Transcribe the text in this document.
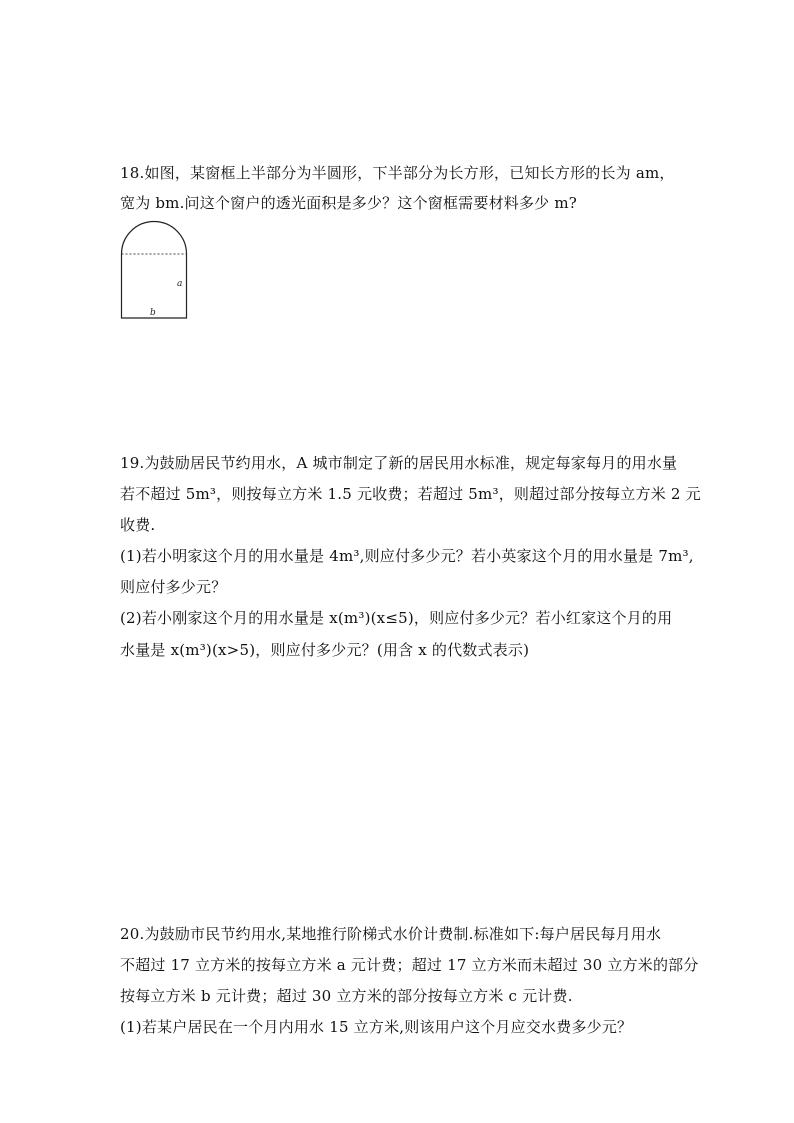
18.如图，某窗框上半部分为半圆形，下半部分为长方形，已知长方形的长为 am，
宽为 bm.问这个窗户的透光面积是多少？这个窗框需要材料多少 m?
a
b
19.为鼓励居民节约用水，A 城市制定了新的居民用水标准，规定每家每月的用水量
若不超过 5m³，则按每立方米 1.5 元收费；若超过 5m³，则超过部分按每立方米 2 元
收费.
(1)若小明家这个月的用水量是 4m³,则应付多少元？若小英家这个月的用水量是 7m³,
则应付多少元？
(2)若小刚家这个月的用水量是 x(m³)(x≤5)，则应付多少元？若小红家这个月的用
水量是 x(m³)(x>5)，则应付多少元？(用含 x 的代数式表示)
20.为鼓励市民节约用水,某地推行阶梯式水价计费制.标准如下:每户居民每月用水
不超过 17 立方米的按每立方米 a 元计费；超过 17 立方米而未超过 30 立方米的部分
按每立方米 b 元计费；超过 30 立方米的部分按每立方米 c 元计费.
(1)若某户居民在一个月内用水 15 立方米,则该用户这个月应交水费多少元？
